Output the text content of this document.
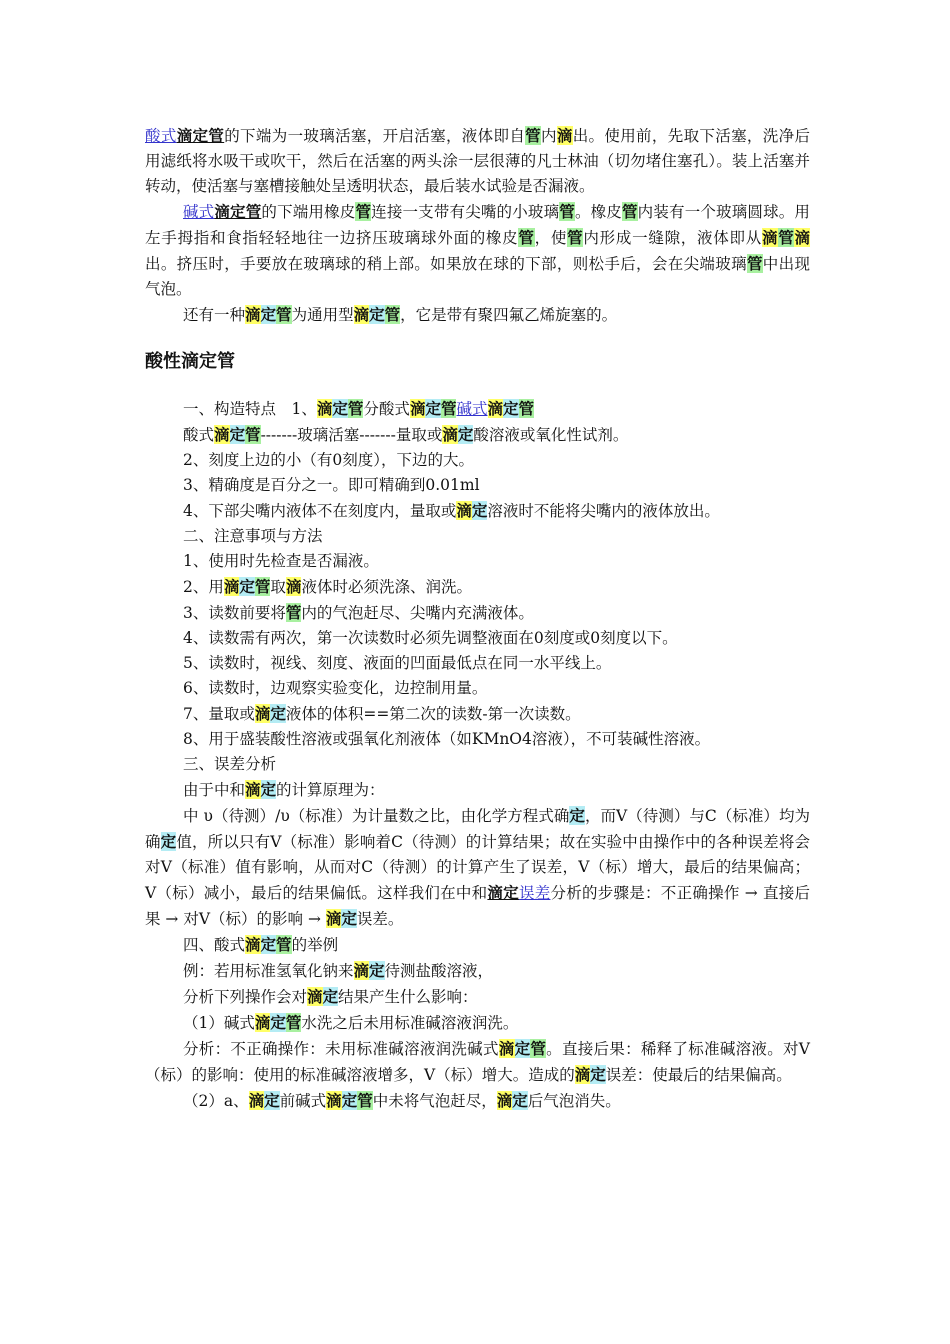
酸式滴定管的下端为一玻璃活塞，开启活塞，液体即自管内滴出。使用前，先取下活塞，洗净后用滤纸将水吸干或吹干，然后在活塞的两头涂一层很薄的凡士林油（切勿堵住塞孔）。装上活塞并转动，使活塞与塞槽接触处呈透明状态，最后装水试验是否漏液。

碱式滴定管的下端用橡皮管连接一支带有尖嘴的小玻璃管。橡皮管内装有一个玻璃圆球。用左手拇指和食指轻轻地往一边挤压玻璃球外面的橡皮管，使管内形成一缝隙，液体即从滴管滴出。挤压时，手要放在玻璃球的稍上部。如果放在球的下部，则松手后，会在尖端玻璃管中出现气泡。

还有一种滴定管为通用型滴定管，它是带有聚四氟乙烯旋塞的。

酸性滴定管

一、构造特点　1、滴定管分酸式滴定管碱式滴定管

酸式滴定管-------玻璃活塞-------量取或滴定酸溶液或氧化性试剂。

2、刻度上边的小（有0刻度），下边的大。

3、精确度是百分之一。即可精确到0.01ml

4、下部尖嘴内液体不在刻度内，量取或滴定溶液时不能将尖嘴内的液体放出。

二、注意事项与方法

1、使用时先检查是否漏液。

2、用滴定管取滴液体时必须洗涤、润洗。

3、读数前要将管内的气泡赶尽、尖嘴内充满液体。

4、读数需有两次，第一次读数时必须先调整液面在0刻度或0刻度以下。

5、读数时，视线、刻度、液面的凹面最低点在同一水平线上。

6、读数时，边观察实验变化，边控制用量。

7、量取或滴定液体的体积==第二次的读数-第一次读数。

8、用于盛装酸性溶液或强氧化剂液体（如KMnO4溶液），不可装碱性溶液。

三、误差分析

由于中和滴定的计算原理为：

中 υ（待测）/υ（标准）为计量数之比，由化学方程式确定，而V（待测）与C（标准）均为确定值，所以只有V（标准）影响着C（待测）的计算结果；故在实验中由操作中的各种误差将会对V（标准）值有影响，从而对C（待测）的计算产生了误差，V（标）增大，最后的结果偏高；V（标）减小，最后的结果偏低。这样我们在中和滴定误差分析的步骤是：不正确操作 → 直接后果 → 对V（标）的影响 → 滴定误差。

四、酸式滴定管的举例

例：若用标准氢氧化钠来滴定待测盐酸溶液，

分析下列操作会对滴定结果产生什么影响：

（1）碱式滴定管水洗之后未用标准碱溶液润洗。

分析：不正确操作：未用标准碱溶液润洗碱式滴定管。直接后果：稀释了标准碱溶液。对V（标）的影响：使用的标准碱溶液增多，V（标）增大。造成的滴定误差：使最后的结果偏高。

（2）a、滴定前碱式滴定管中未将气泡赶尽，滴定后气泡消失。
